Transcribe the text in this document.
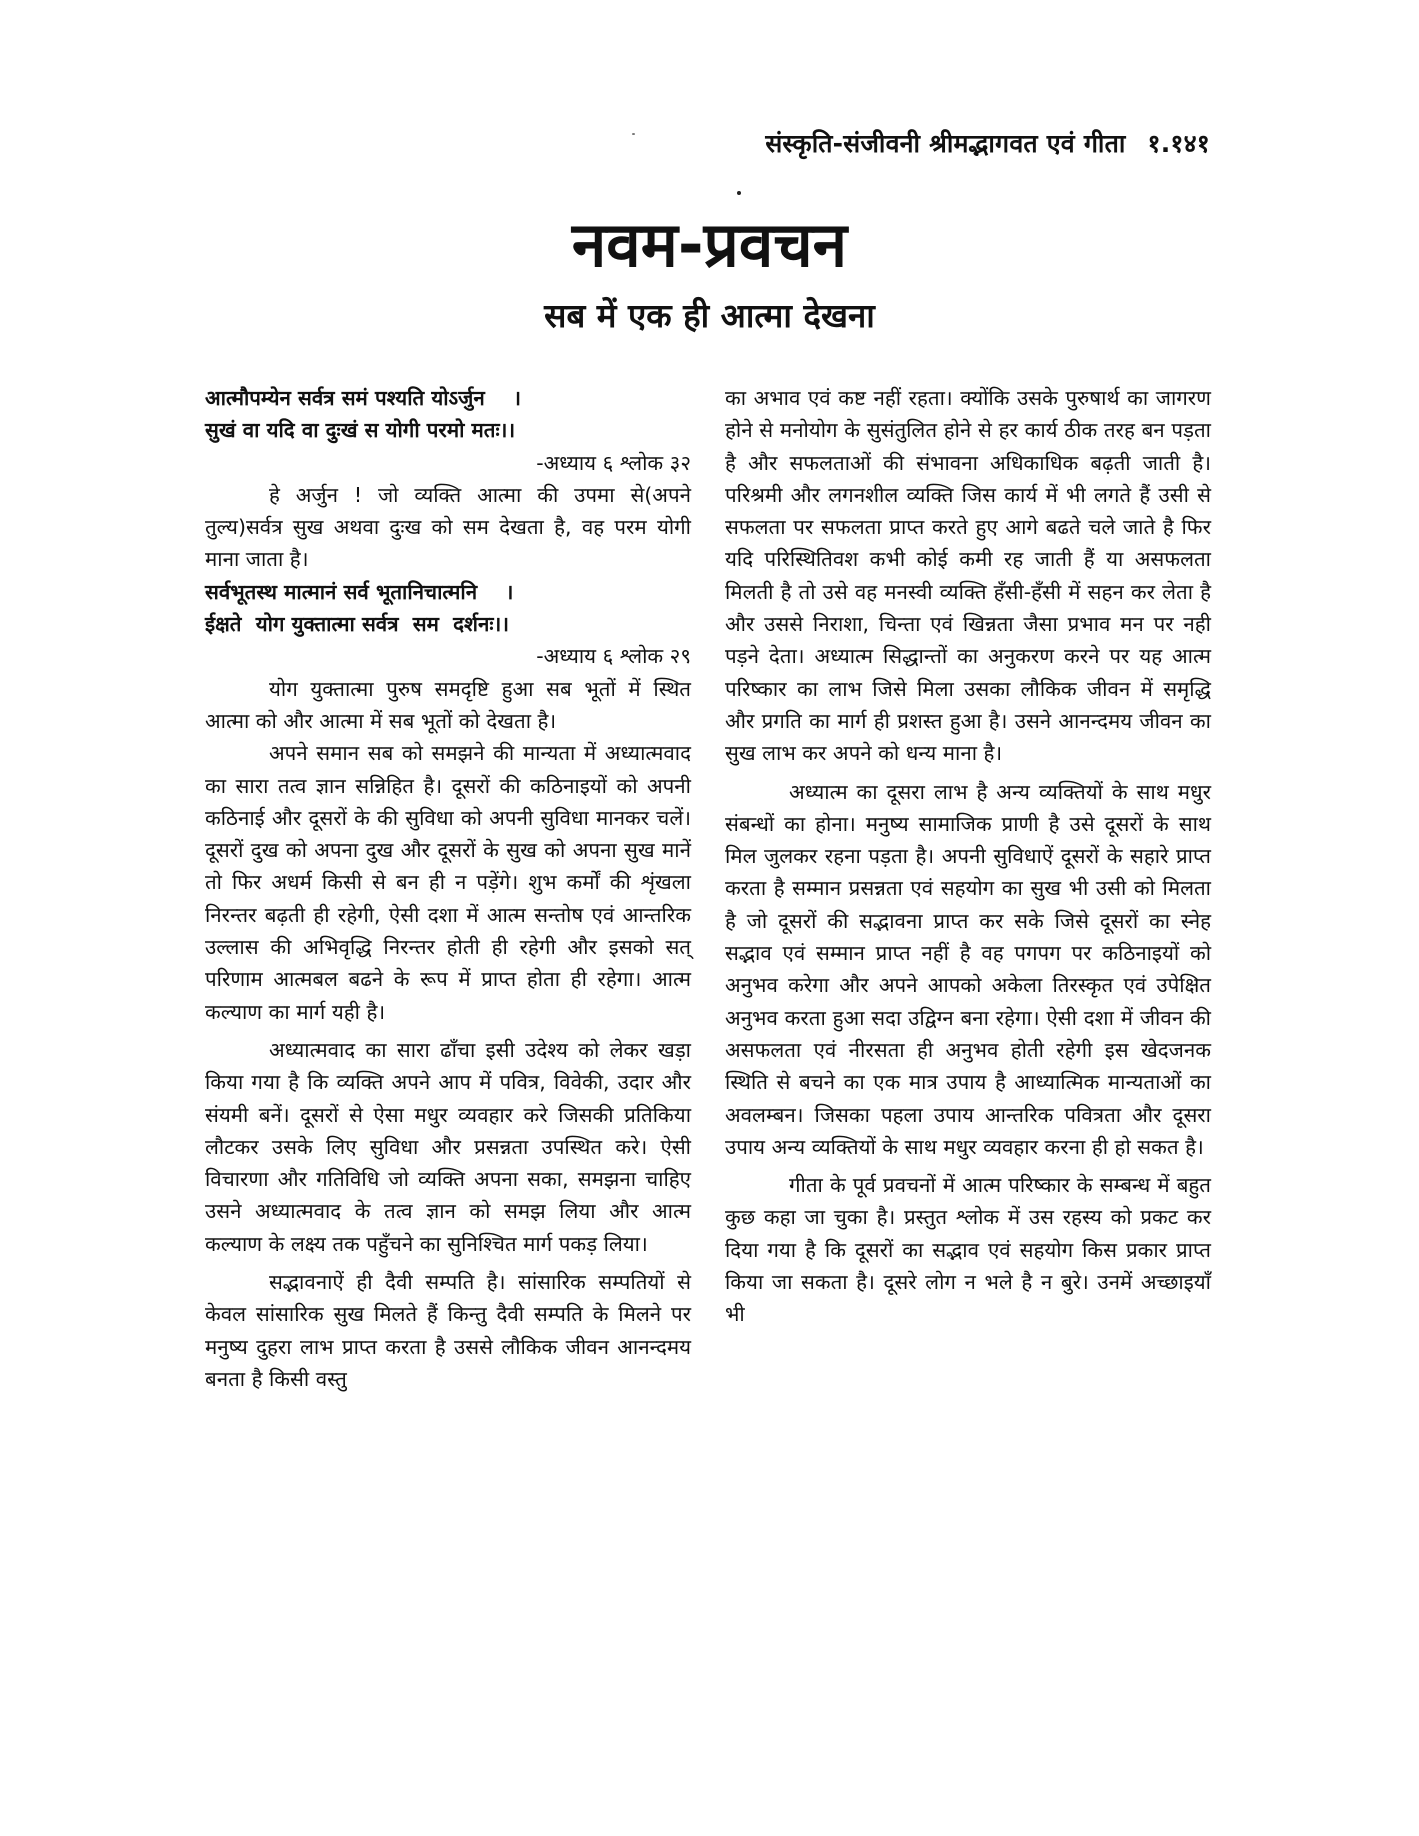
संस्कृति-संजीवनी श्रीमद्भागवत एवं गीता १.१४१
नवम-प्रवचन
सब में एक ही आत्मा देखना
आत्मौपम्येन सर्वत्र समं पश्यति योऽर्जुन    ।
सुखं वा यदि वा दुःखं स योगी परमो मतः।।
-अध्याय ६ श्लोक ३२

हे अर्जुन ! जो व्यक्ति आत्मा की उपमा से(अपने तुल्य)सर्वत्र सुख अथवा दुःख को सम देखता है, वह परम योगी माना जाता है।

सर्वभूतस्थ मात्मानं सर्व भूतानिचात्मनि    ।
ईक्षते  योग युक्तात्मा सर्वत्र  सम  दर्शनः।।
-अध्याय ६ श्लोक २९

योग युक्तात्मा पुरुष समदृष्टि हुआ सब भूतों में स्थित आत्मा को और आत्मा में सब भूतों को देखता है।

अपने समान सब को समझने की मान्यता में अध्यात्मवाद का सारा तत्व ज्ञान सन्निहित है। दूसरों की कठिनाइयों को अपनी कठिनाई और दूसरों के की सुविधा को अपनी सुविधा मानकर चलें। दूसरों दुख को अपना दुख और दूसरों के सुख को अपना सुख मानें तो फिर अधर्म किसी से बन ही न पड़ेंगे। शुभ कर्मों की शृंखला निरन्तर बढ़ती ही रहेगी, ऐसी दशा में आत्म सन्तोष एवं आन्तरिक उल्लास की अभिवृद्धि निरन्तर होती ही रहेगी और इसको सत् परिणाम आत्मबल बढने के रूप में प्राप्त होता ही रहेगा। आत्म कल्याण का मार्ग यही है।

अध्यात्मवाद का सारा ढाँचा इसी उदेश्य को लेकर खड़ा किया गया है कि व्यक्ति अपने आप में पवित्र, विवेकी, उदार और संयमी बनें। दूसरों से ऐसा मधुर व्यवहार करे जिसकी प्रतिकिया लौटकर उसके लिए सुविधा और प्रसन्नता उपस्थित करे। ऐसी विचारणा और गतिविधि जो व्यक्ति अपना सका, समझना चाहिए उसने अध्यात्मवाद के तत्व ज्ञान को समझ लिया और आत्म कल्याण के लक्ष्य तक पहुँचने का सुनिश्चित मार्ग पकड़ लिया।

सद्भावनाऐं ही दैवी सम्पति है। सांसारिक सम्पतियों से केवल सांसारिक सुख मिलते हैं किन्तु दैवी सम्पति के मिलने पर मनुष्य दुहरा लाभ प्राप्त करता है उससे लौकिक जीवन आनन्दमय बनता है किसी वस्तु

का अभाव एवं कष्ट नहीं रहता। क्योंकि उसके पुरुषार्थ का जागरण होने से मनोयोग के सुसंतुलित होने से हर कार्य ठीक तरह बन पड़ता है और सफलताओं की संभावना अधिकाधिक बढ़ती जाती है। परिश्रमी और लगनशील व्यक्ति जिस कार्य में भी लगते हैं उसी से सफलता पर सफलता प्राप्त करते हुए आगे बढते चले जाते है फिर यदि परिस्थितिवश कभी कोई कमी रह जाती हैं या असफलता मिलती है तो उसे वह मनस्वी व्यक्ति हँसी-हँसी में सहन कर लेता है और उससे निराशा, चिन्ता एवं खिन्नता जैसा प्रभाव मन पर नही पड़ने देता। अध्यात्म सिद्धान्तों का अनुकरण करने पर यह आत्म परिष्कार का लाभ जिसे मिला उसका लौकिक जीवन में समृद्धि और प्रगति का मार्ग ही प्रशस्त हुआ है। उसने आनन्दमय जीवन का सुख लाभ कर अपने को धन्य माना है।

अध्यात्म का दूसरा लाभ है अन्य व्यक्तियों के साथ मधुर संबन्धों का होना। मनुष्य सामाजिक प्राणी है उसे दूसरों के साथ मिल जुलकर रहना पड़ता है। अपनी सुविधाऐं दूसरों के सहारे प्राप्त करता है सम्मान प्रसन्नता एवं सहयोग का सुख भी उसी को मिलता है जो दूसरों की सद्भावना प्राप्त कर सके जिसे दूसरों का स्नेह सद्भाव एवं सम्मान प्राप्त नहीं है वह पगपग पर कठिनाइयों को अनुभव करेगा और अपने आपको अकेला तिरस्कृत एवं उपेक्षित अनुभव करता हुआ सदा उद्विग्न बना रहेगा। ऐसी दशा में जीवन की असफलता एवं नीरसता ही अनुभव होती रहेगी इस खेदजनक स्थिति से बचने का एक मात्र उपाय है आध्यात्मिक मान्यताओं का अवलम्बन। जिसका पहला उपाय आन्तरिक पवित्रता और दूसरा उपाय अन्य व्यक्तियों के साथ मधुर व्यवहार करना ही हो सकत है।

गीता के पूर्व प्रवचनों में आत्म परिष्कार के सम्बन्ध में बहुत कुछ कहा जा चुका है। प्रस्तुत श्लोक में उस रहस्य को प्रकट कर दिया गया है कि दूसरों का सद्भाव एवं सहयोग किस प्रकार प्राप्त किया जा सकता है। दूसरे लोग न भले है न बुरे। उनमें अच्छाइयाँ भी
